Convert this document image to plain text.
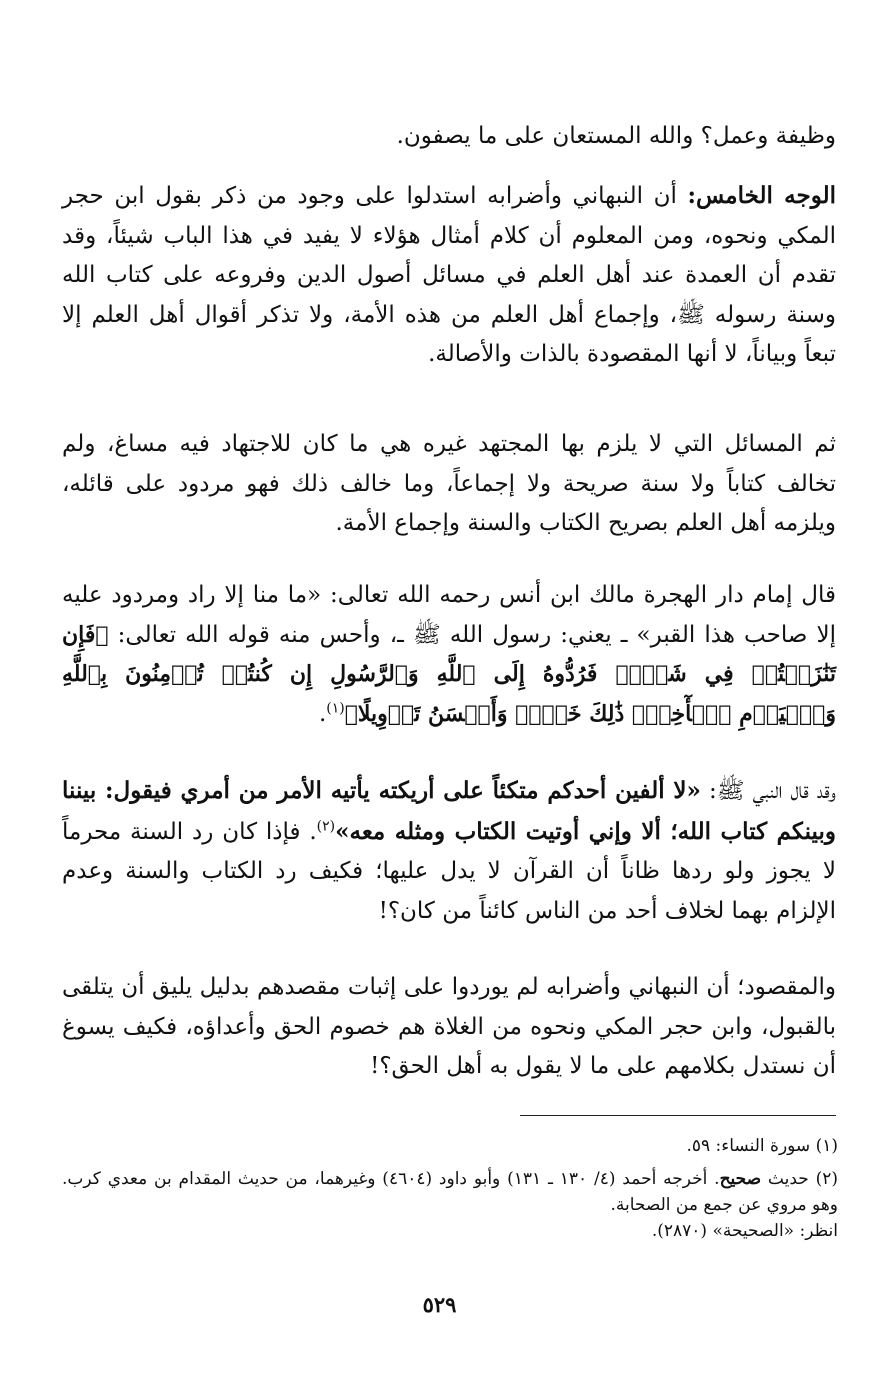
وظيفة وعمل؟ والله المستعان على ما يصفون.
الوجه الخامس: أن النبهاني وأضرابه استدلوا على وجود من ذكر بقول ابن حجر المكي ونحوه، ومن المعلوم أن كلام أمثال هؤلاء لا يفيد في هذا الباب شيئاً، وقد تقدم أن العمدة عند أهل العلم في مسائل أصول الدين وفروعه على كتاب الله وسنة رسوله ﷺ، وإجماع أهل العلم من هذه الأمة، ولا تذكر أقوال أهل العلم إلا تبعاً وبياناً، لا أنها المقصودة بالذات والأصالة.
ثم المسائل التي لا يلزم بها المجتهد غيره هي ما كان للاجتهاد فيه مساغ، ولم تخالف كتاباً ولا سنة صريحة ولا إجماعاً، وما خالف ذلك فهو مردود على قائله، ويلزمه أهل العلم بصريح الكتاب والسنة وإجماع الأمة.
قال إمام دار الهجرة مالك ابن أنس رحمه الله تعالى: «ما منا إلا راد ومردود عليه إلا صاحب هذا القبر» ـ يعني: رسول الله ﷺ ـ، وأحس منه قوله الله تعالى: ﴿فَإِن تَنَٰزَعۡتُمۡ فِي شَيۡءٖ فَرُدُّوهُ إِلَى ٱللَّهِ وَٱلرَّسُولِ إِن كُنتُمۡ تُؤۡمِنُونَ بِٱللَّهِ وَٱلۡيَوۡمِ ٱلۡأٓخِرِۚ ذَٰلِكَ خَيۡرٞ وَأَحۡسَنُ تَأۡوِيلًا﴾$^{(١)}$.
وقد قال النبي ﷺ: «لا ألفين أحدكم متكئاً على أريكته يأتيه الأمر من أمري فيقول: بيننا وبينكم كتاب الله؛ ألا وإني أوتيت الكتاب ومثله معه»$^{(٢)}$. فإذا كان رد السنة محرماً لا يجوز ولو ردها ظاناً أن القرآن لا يدل عليها؛ فكيف رد الكتاب والسنة وعدم الإلزام بهما لخلاف أحد من الناس كائناً من كان؟!
والمقصود؛ أن النبهاني وأضرابه لم يوردوا على إثبات مقصدهم بدليل يليق أن يتلقى بالقبول، وابن حجر المكي ونحوه من الغلاة هم خصوم الحق وأعداؤه، فكيف يسوغ أن نستدل بكلامهم على ما لا يقول به أهل الحق؟!
(١) سورة النساء: ٥٩.
(٢) حديث صحيح. أخرجه أحمد (٤/ ١٣٠ ـ ١٣١) وأبو داود (٤٦٠٤) وغيرهما، من حديث المقدام بن معدي كرب. وهو مروي عن جمع من الصحابة.
انظر: «الصحيحة» (٢٨٧٠).
٥٢٩
